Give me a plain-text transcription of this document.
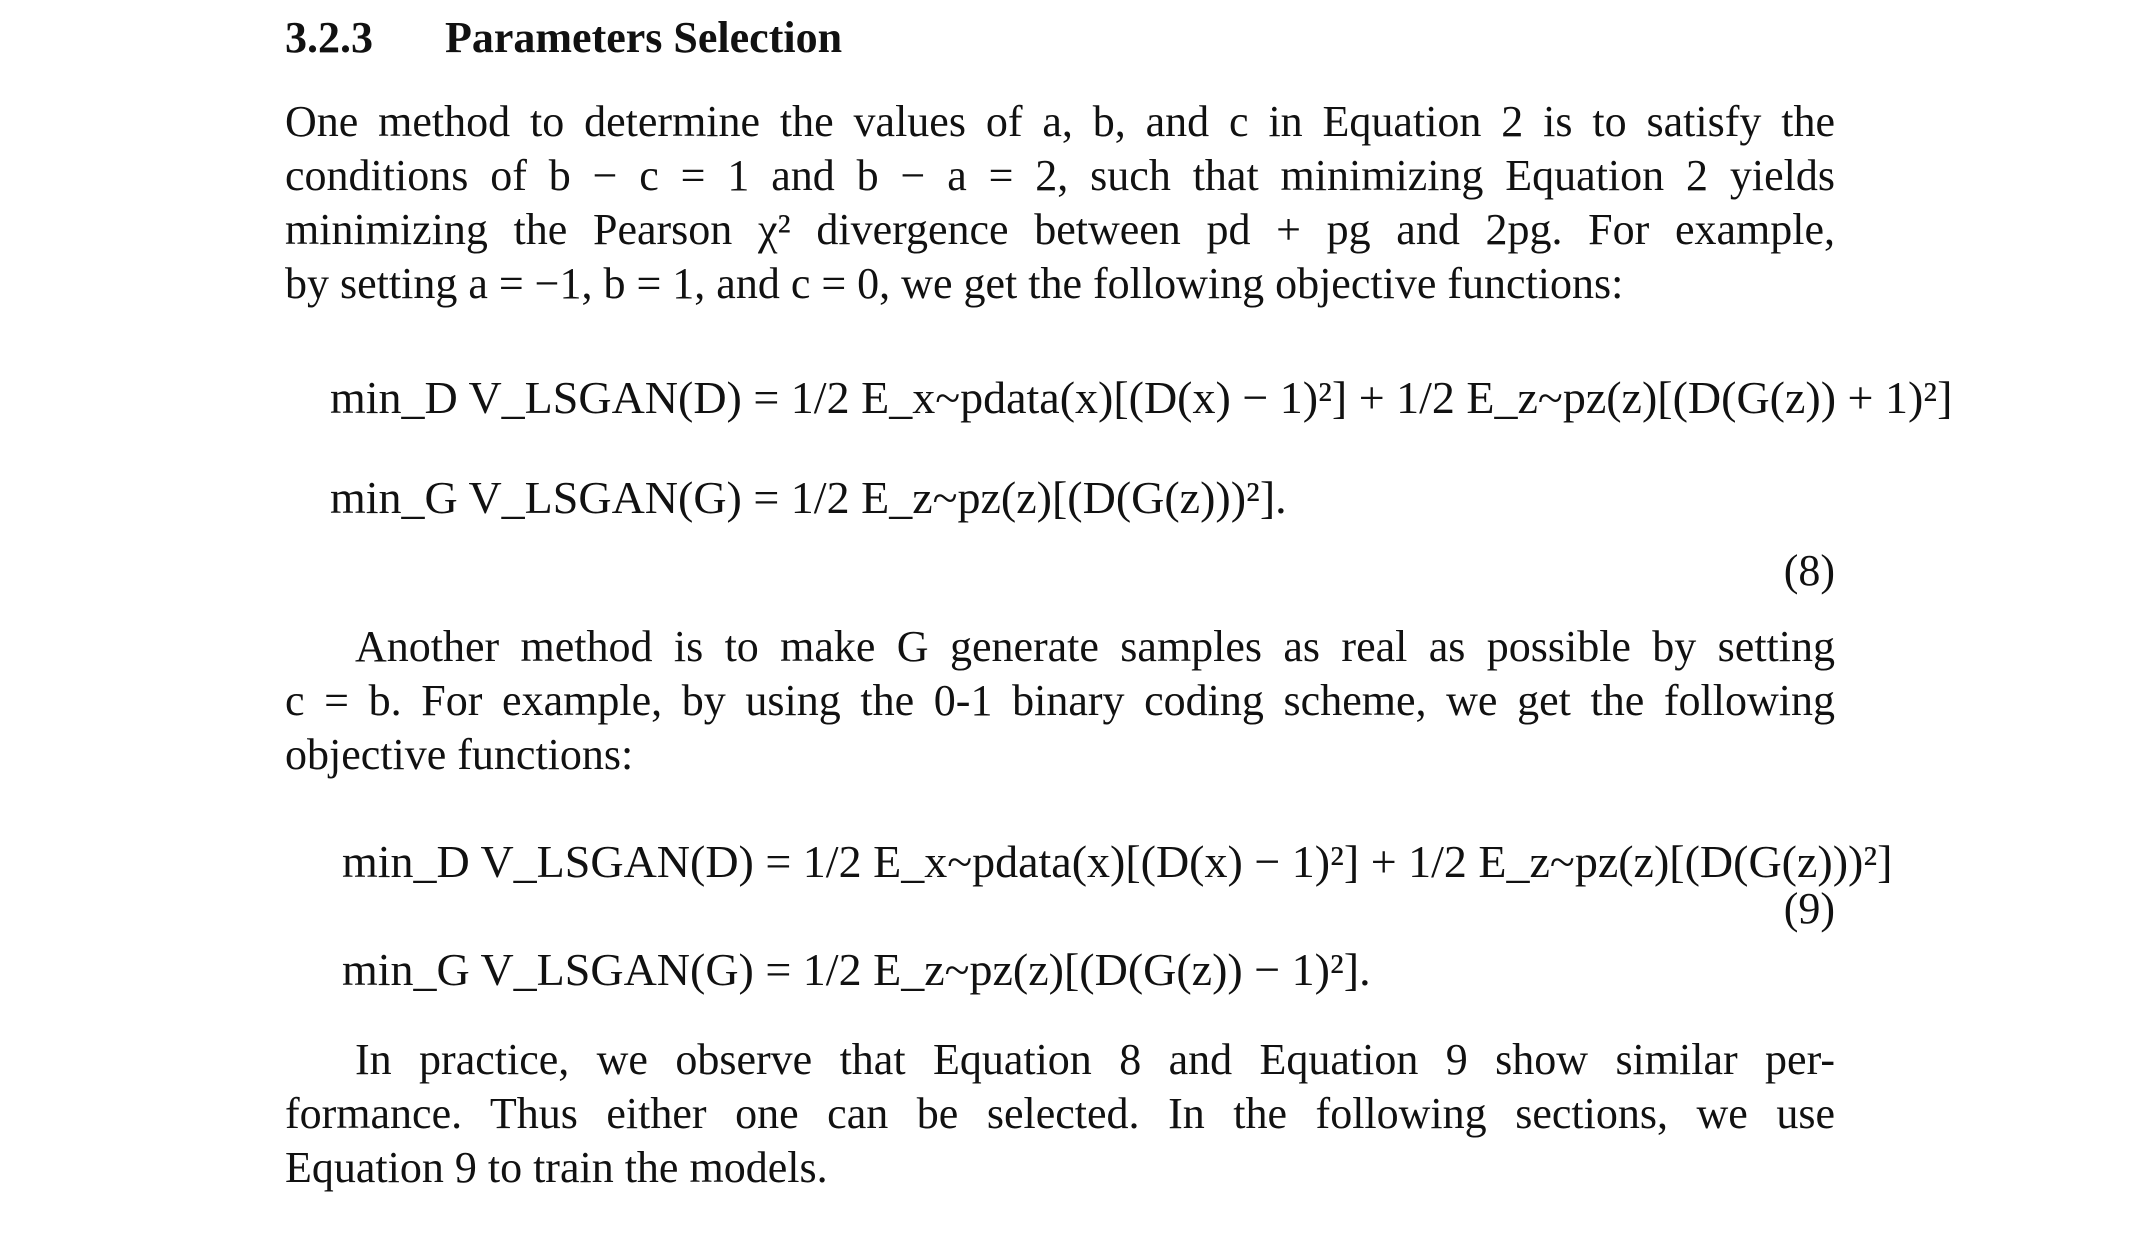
3.2.3 Parameters Selection
One method to determine the values of a, b, and c in Equation 2 is to satisfy the
conditions of b − c = 1 and b − a = 2, such that minimizing Equation 2 yields
minimizing the Pearson χ² divergence between pd + pg and 2pg. For example,
by setting a = −1, b = 1, and c = 0, we get the following objective functions:
min_D V_LSGAN(D) = 1/2 E_x~pdata(x)[(D(x) − 1)²] + 1/2 E_z~pz(z)[(D(G(z)) + 1)²]
min_G V_LSGAN(G) = 1/2 E_z~pz(z)[(D(G(z)))²].
(8)
Another method is to make G generate samples as real as possible by setting
c = b. For example, by using the 0-1 binary coding scheme, we get the following
objective functions:
min_D V_LSGAN(D) = 1/2 E_x~pdata(x)[(D(x) − 1)²] + 1/2 E_z~pz(z)[(D(G(z)))²]
min_G V_LSGAN(G) = 1/2 E_z~pz(z)[(D(G(z)) − 1)²].
(9)
In practice, we observe that Equation 8 and Equation 9 show similar per-
formance. Thus either one can be selected. In the following sections, we use
Equation 9 to train the models.
